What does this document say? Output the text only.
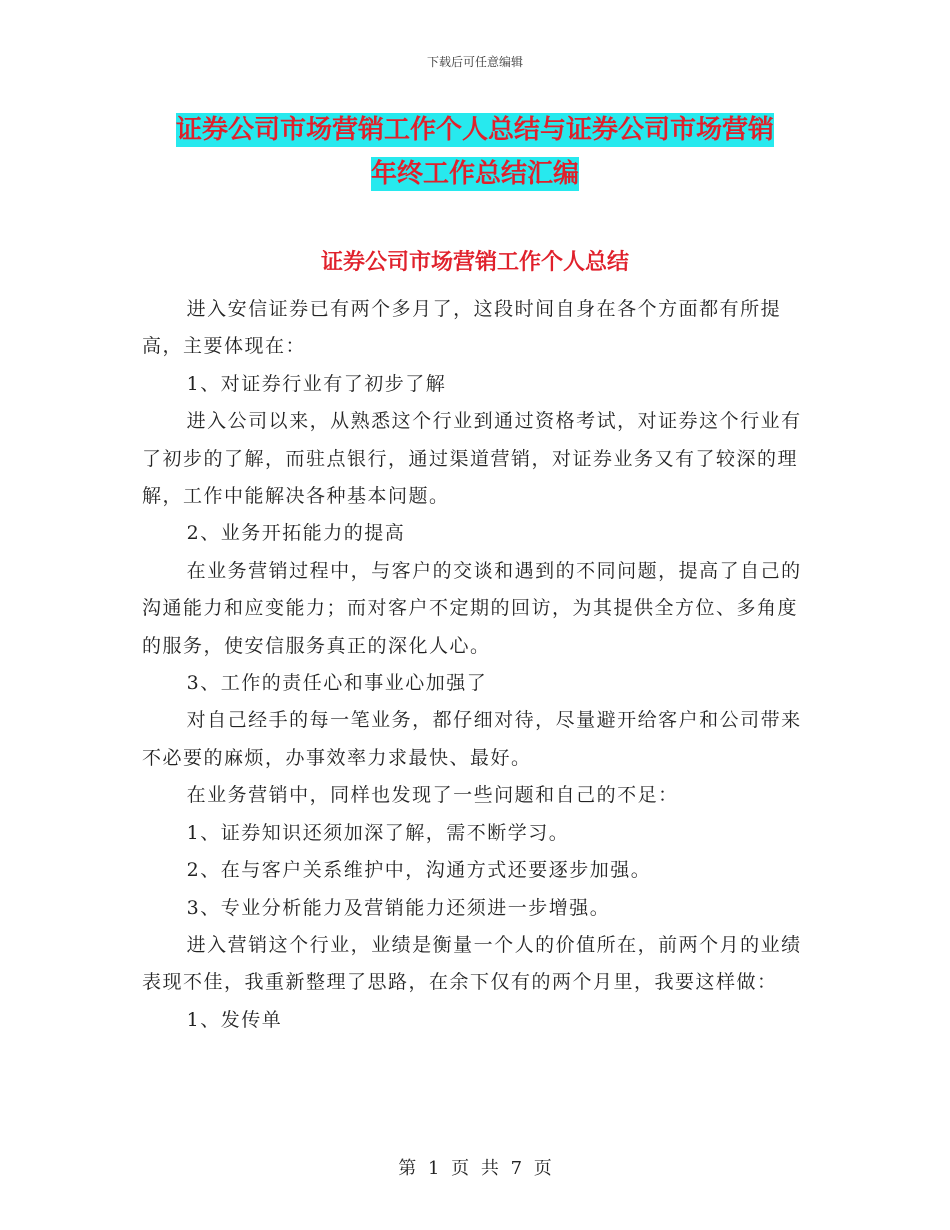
下载后可任意编辑
证券公司市场营销工作个人总结与证券公司市场营销
年终工作总结汇编
证券公司市场营销工作个人总结

进入安信证券已有两个多月了，这段时间自身在各个方面都有所提高，主要体现在：

1、对证券行业有了初步了解

进入公司以来，从熟悉这个行业到通过资格考试，对证券这个行业有了初步的了解，而驻点银行，通过渠道营销，对证券业务又有了较深的理解，工作中能解决各种基本问题。

2、业务开拓能力的提高

在业务营销过程中，与客户的交谈和遇到的不同问题，提高了自己的沟通能力和应变能力；而对客户不定期的回访，为其提供全方位、多角度的服务，使安信服务真正的深化人心。

3、工作的责任心和事业心加强了

对自己经手的每一笔业务，都仔细对待，尽量避开给客户和公司带来不必要的麻烦，办事效率力求最快、最好。

在业务营销中，同样也发现了一些问题和自己的不足：

1、证券知识还须加深了解，需不断学习。

2、在与客户关系维护中，沟通方式还要逐步加强。

3、专业分析能力及营销能力还须进一步增强。

进入营销这个行业，业绩是衡量一个人的价值所在，前两个月的业绩表现不佳，我重新整理了思路，在余下仅有的两个月里，我要这样做：

1、发传单

第 1 页 共 7 页
